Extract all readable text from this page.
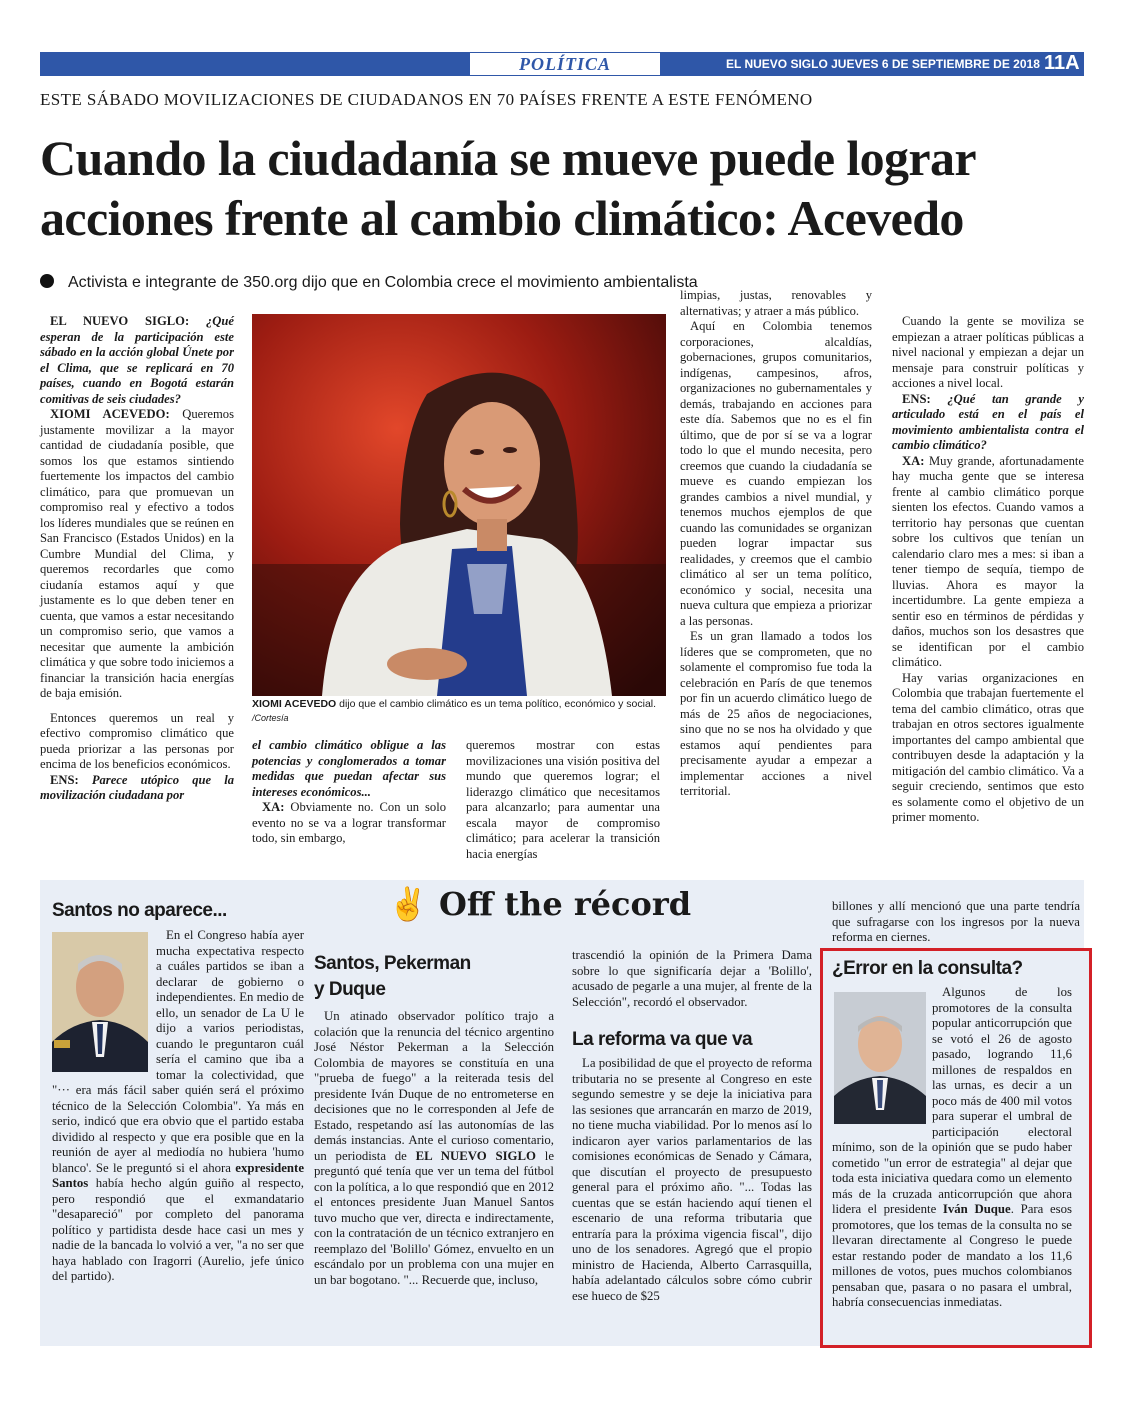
POLÍTICA	EL NUEVO SIGLO JUEVES 6 DE SEPTIEMBRE DE 2018 11A
ESTE SÁBADO MOVILIZACIONES DE CIUDADANOS EN 70 PAÍSES FRENTE A ESTE FENÓMENO
Cuando la ciudadanía se mueve puede lograr
acciones frente al cambio climático: Acevedo
Activista e integrante de 350.org dijo que en Colombia crece el movimiento ambientalista

EL NUEVO SIGLO: ¿Qué esperan de la participación este sábado en la acción global Únete por el Clima, que se replicará en 70 países, cuando en Bogotá estarán comitivas de seis ciudades?

XIOMI ACEVEDO: Queremos justamente movilizar a la mayor cantidad de ciudadanía posible, que somos los que estamos sintiendo fuertemente los impactos del cambio climático, para que promuevan un compromiso real y efectivo a todos los líderes mundiales que se reúnen en San Francisco (Estados Unidos) en la Cumbre Mundial del Clima, y queremos recordarles que como ciudanía estamos aquí y que justamente es lo que deben tener en cuenta, que vamos a estar necesitando un compromiso serio, que vamos a necesitar que aumente la ambición climática y que sobre todo iniciemos a financiar la transición hacia energías de baja emisión.

Entonces queremos un real y efectivo compromiso climático que pueda priorizar a las personas por encima de los beneficios económicos.

ENS: Parece utópico que la movilización ciudadana por

XIOMI ACEVEDO dijo que el cambio climático es un tema político, económico y social. /Cortesía

el cambio climático obligue a las potencias y conglomerados a tomar medidas que puedan afectar sus intereses económicos...

XA: Obviamente no. Con un solo evento no se va a lograr transformar todo, sin embargo,

queremos mostrar con estas movilizaciones una visión positiva del mundo que queremos lograr; el liderazgo climático que necesitamos para alcanzarlo; para aumentar una escala mayor de compromiso climático; para acelerar la transición hacia energías

limpias, justas, renovables y alternativas; y atraer a más público.

Aquí en Colombia tenemos corporaciones, alcaldías, gobernaciones, grupos comunitarios, indígenas, campesinos, afros, organizaciones no gubernamentales y demás, trabajando en acciones para este día. Sabemos que no es el fin último, que de por sí se va a lograr todo lo que el mundo necesita, pero creemos que cuando la ciudadanía se mueve es cuando empiezan los grandes cambios a nivel mundial, y tenemos muchos ejemplos de que cuando las comunidades se organizan pueden lograr impactar sus realidades, y creemos que el cambio climático al ser un tema político, económico y social, necesita una nueva cultura que empieza a priorizar a las personas.

Es un gran llamado a todos los líderes que se comprometen, que no solamente el compromiso fue toda la celebración en París de que tenemos por fin un acuerdo climático luego de más de 25 años de negociaciones, sino que no se nos ha olvidado y que estamos aquí pendientes para precisamente ayudar a empezar a implementar acciones a nivel territorial.

Cuando la gente se moviliza se empiezan a atraer políticas públicas a nivel nacional y empiezan a dejar un mensaje para construir políticas y acciones a nivel local.

ENS: ¿Qué tan grande y articulado está en el país el movimiento ambientalista contra el cambio climático?

XA: Muy grande, afortunadamente hay mucha gente que se interesa frente al cambio climático porque sienten los efectos. Cuando vamos a territorio hay personas que cuentan sobre los cultivos que tenían un calendario claro mes a mes: si iban a tener tiempo de sequía, tiempo de lluvias. Ahora es mayor la incertidumbre. La gente empieza a sentir eso en términos de pérdidas y daños, muchos son los desastres que se identifican por el cambio climático.

Hay varias organizaciones en Colombia que trabajan fuertemente el tema del cambio climático, otras que trabajan en otros sectores igualmente importantes del campo ambiental que contribuyen desde la adaptación y la mitigación del cambio climático. Va a seguir creciendo, sentimos que esto es solamente como el objetivo de un primer momento.

✌ Off the récord
Santos no aparece...

En el Congreso había ayer mucha expectativa respecto a cuáles partidos se iban a declarar de gobierno o independientes. En medio de ello, un senador de La U le dijo a varios periodistas, cuando le preguntaron cuál sería el camino que iba a tomar la colectividad, que "··· era más fácil saber quién será el próximo técnico de la Selección Colombia". Ya más en serio, indicó que era obvio que el partido estaba dividido al respecto y que era posible que en la reunión de ayer al mediodía no hubiera 'humo blanco'. Se le preguntó si el ahora expresidente Santos había hecho algún guiño al respecto, pero respondió que el exmandatario "desapareció" por completo del panorama político y partidista desde hace casi un mes y nadie de la bancada lo volvió a ver, "a no ser que haya hablado con Iragorri (Aurelio, jefe único del partido).

Santos, Pekerman
y Duque

Un atinado observador político trajo a colación que la renuncia del técnico argentino José Néstor Pekerman a la Selección Colombia de mayores se constituía en una "prueba de fuego" a la reiterada tesis del presidente Iván Duque de no entrometerse en decisiones que no le corresponden al Jefe de Estado, respetando así las autonomías de las demás instancias. Ante el curioso comentario, un periodista de EL NUEVO SIGLO le preguntó qué tenía que ver un tema del fútbol con la política, a lo que respondió que en 2012 el entonces presidente Juan Manuel Santos tuvo mucho que ver, directa e indirectamente, con la contratación de un técnico extranjero en reemplazo del 'Bolillo' Gómez, envuelto en un escándalo por un problema con una mujer en un bar bogotano. "... Recuerde que, incluso,

trascendió la opinión de la Primera Dama sobre lo que significaría dejar a 'Bolillo', acusado de pegarle a una mujer, al frente de la Selección", recordó el observador.

La reforma va que va

La posibilidad de que el proyecto de reforma tributaria no se presente al Congreso en este segundo semestre y se deje la iniciativa para las sesiones que arrancarán en marzo de 2019, no tiene mucha viabilidad. Por lo menos así lo indicaron ayer varios parlamentarios de las comisiones económicas de Senado y Cámara, que discutían el proyecto de presupuesto general para el próximo año. "... Todas las cuentas que se están haciendo aquí tienen el escenario de una reforma tributaria que entraría para la próxima vigencia fiscal", dijo uno de los senadores. Agregó que el propio ministro de Hacienda, Alberto Carrasquilla, había adelantado cálculos sobre cómo cubrir ese hueco de $25

billones y allí mencionó que una parte tendría que sufragarse con los ingresos por la nueva reforma en ciernes.

¿Error en la consulta?

Algunos de los promotores de la consulta popular anticorrupción que se votó el 26 de agosto pasado, logrando 11,6 millones de respaldos en las urnas, es decir a un poco más de 400 mil votos para superar el umbral de participación electoral mínimo, son de la opinión que se pudo haber cometido "un error de estrategia" al dejar que toda esta iniciativa quedara como un elemento más de la cruzada anticorrupción que ahora lidera el presidente Iván Duque. Para esos promotores, que los temas de la consulta no se llevaran directamente al Congreso le puede estar restando poder de mandato a los 11,6 millones de votos, pues muchos colombianos pensaban que, pasara o no pasara el umbral, habría consecuencias inmediatas.
